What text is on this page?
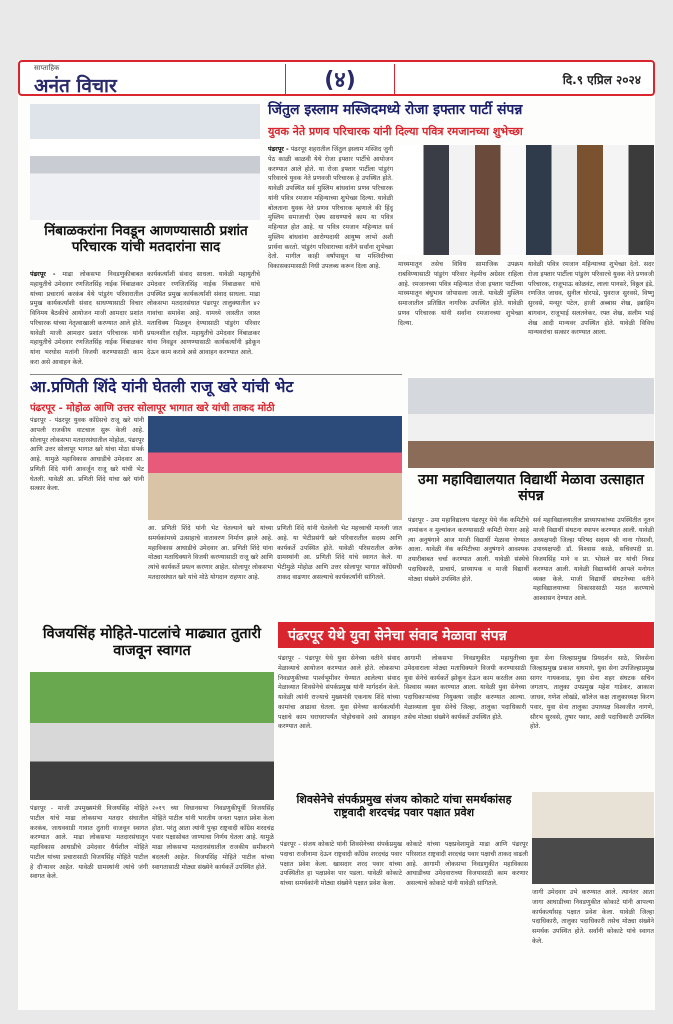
साप्ताहिक
अनंत विचार	(४)	दि.९ एप्रिल २०२४
जिंतुल इस्लाम मस्जिदमध्ये रोजा इफ्तार पार्टी संपन्न
युवक नेते प्रणव परिचारक यांनी दिल्या पवित्र रमजानच्या शुभेच्छा
पंढरपूर - पंढरपूर शहरातील जिंतुल इस्लाम मस्जिद जुनी पेठ काळी काळवी येथे रोजा इफ्तार पार्टीचे आयोजन करण्यात आले होते. या रोजा इफ्तार पार्टीला पांडुरंग परिवारचे युवक नेते प्रणवजी परिचारक हे उपस्थित होते. यावेळी उपस्थित सर्व मुस्लिम बांधवांना प्रणव परिचारक यांनी पवित्र रमजान महिन्याच्या शुभेच्छा दिल्या. यावेळी बोलताना युवक नेते प्रणव परिचारक म्हणाले की हिंदू मुस्लिम समाजाची ऐक्य साधण्याचे काम या पवित्र महिन्यात होत आहे. या पवित्र रमजान महिन्यात सर्व मुस्लिम बांधवांना आरोग्यदायी आयुष्य लाभो अशी प्रार्थना करतो. पांडुरंग परिवाराच्या वतीने सर्वांना शुभेच्छा देतो. मागील काही वर्षांपासून या मस्जिदीच्या विकासकामासाठी निधी उपलब्ध करून दिला आहे.	माध्यमातून तसेच विविध सामाजिक उपक्रम राबविण्यासाठी पांडुरंग परिवार नेहमीच अग्रेसर राहिला आहे. रमजानच्या पवित्र महिन्यात रोजा इफ्तार पार्टीच्या माध्यमातून बंधुभाव जोपासला जातो. यावेळी मुस्लिम समाजातील प्रतिष्ठित नागरिक उपस्थित होते. यावेळी प्रणव परिचारक यांनी सर्वांना रमजानच्या शुभेच्छा दिल्या.
यावेळी पवित्र रमजान महिन्याच्या शुभेच्छा देतो. सदर रोजा इफ्तार पार्टीला पांडुरंग परिवारचे युवक नेते प्रणवजी परिचारक, राजूभाऊ कोळवंट, लाला पानसरे, विठ्ठल इंडे, रणजित जाधव, सुनील घोरपडे, युवराज सुरवसे, विष्णु सुरवसे, मन्सूर पटेल, हाजी अब्बास शेख, इब्राहिम बागवान, राजूभाई सलतनेकर, रफ्त शेख, सलीम भाई शेख आदी मान्यवर उपस्थित होते. यावेळी विविध मान्यवरांचा सत्कार करण्यात आला.
निंबाळकरांना निवडून आणण्यासाठी प्रशांत परिचारक यांची मतदारांना साद
पंढरपूर - माढा लोकसभा निवडणुकीबाबत महायुतीचे उमेदवार रणजितसिंह नाईक निंबाळकर यांच्या प्रचारार्थ करकंब येथे पांडुरंग परिवारातील प्रमुख कार्यकर्त्यांशी संवाद साधण्यासाठी विचार विनिमय बैठकीचे आयोजन माजी आमदार प्रशांत परिचारक यांच्या नेतृत्वाखाली करण्यात आले होते. यावेळी माजी आमदार प्रशांत परिचारक यांनी महायुतीचे उमेदवार रणजितसिंह नाईक निंबाळकर यांना भरघोस मतांनी विजयी करण्यासाठी काम करा असे आवाहन केले.
कार्यकर्त्यांशी संवाद साधला. यावेळी महायुतीचे उमेदवार रणजितसिंह नाईक निंबाळकर यांचे उपस्थित प्रमुख कार्यकर्त्यांशी संवाद साधला. माढा लोकसभा मतदारसंघात पंढरपूर तालुक्यातील ४२ गावांचा समावेश आहे. यामध्ये जास्तीत जास्त मताधिक्य मिळवून देण्यासाठी पांडुरंग परिवार प्रयत्नशील राहील. महायुतीचे उमेदवार निंबाळकर यांना निवडून आणण्यासाठी कार्यकर्त्यांनी झोकून देऊन काम करावे असे आवाहन करण्यात आले.
आ.प्रणिती शिंदे यांनी घेतली राजू खरे यांची भेट
पंढरपूर - मोहोळ आणि उत्तर सोलापूर भागात खरे यांची ताकद मोठी
पंढरपूर - पंढरपूर युवक काँग्रेसचे राजू खरे यांनी आपली राजकीय वाटचाल सुरू केली आहे. सोलापूर लोकसभा मतदारसंघातील मोहोळ, पंढरपूर आणि उत्तर सोलापूर भागात खरे यांचा मोठा संपर्क आहे. यामुळे महाविकास आघाडीचे उमेदवार आ. प्रणिती शिंदे यांनी आवर्जून राजू खरे यांची भेट घेतली. यावेळी आ. प्रणिती शिंदे यांचा खरे यांनी सत्कार केला.
आ. प्रणिती शिंदे यांनी भेट घेतल्याने खरे यांच्या समर्थकांमध्ये उत्साहाचे वातावरण निर्माण झाले आहे. महाविकास आघाडीचे उमेदवार आ. प्रणिती शिंदे यांना मोठ्या मताधिक्याने विजयी करण्यासाठी राजू खरे आणि त्यांचे कार्यकर्ते प्रयत्न करणार आहेत. सोलापूर लोकसभा मतदारसंघात खरे यांचे मोठे योगदान राहणार आहे.
प्रणिती शिंदे यांनी घेतलेली भेट महत्त्वाची मानली जात आहे. या भेटीप्रसंगी खरे परिवारातील सदस्य आणि कार्यकर्ते उपस्थित होते. यावेळी परिसरातील अनेक ग्रामस्थांनी आ. प्रणिती शिंदे यांचे स्वागत केले. या भेटीमुळे मोहोळ आणि उत्तर सोलापूर भागात काँग्रेसची ताकद वाढणार असल्याचे कार्यकर्त्यांनी सांगितले.
उमा महाविद्यालयात विद्यार्थी मेळावा उत्साहात संपन्न
पंढरपूर - उमा महाविद्यालय पंढरपूर येथे नॅक कमिटीचे नामांकन व मुल्यांकन करण्यासाठी कमिटी येणार आहे त्या अनुषंगाने आज माजी विद्यार्थी मेळावा घेण्यात आला. यावेळी नॅक कमिटीच्या अनुषंगाने आवश्यक तयारीबाबत चर्चा करण्यात आली. यावेळी संस्थेचे पदाधिकारी, प्राचार्य, प्राध्यापक व माजी विद्यार्थी मोठ्या संख्येने उपस्थित होते.
सर्व महाविद्यालयातील प्राध्यापकांच्या उपस्थितीत नूतन माजी विद्यार्थी संघटना स्थापन करण्यात आली. यावेळी अध्यक्षपदी जिल्हा परिषद सदस्य श्री नाना गोसावी, उपाध्यक्षपदी डॉ. विश्वास काळे, सचिवपदी प्रा. विजयसिंह माने व प्रा. भोसले सर यांची निवड करण्यात आली. यावेळी विद्यार्थ्यांनी आपले मनोगत व्यक्त केले. माजी विद्यार्थी संघटनेच्या वतीने महाविद्यालयाच्या विकासासाठी मदत करण्याचे आश्वासन देण्यात आले.
पंढरपूर येथे युवा सेनेचा संवाद मेळावा संपन्न
पंढरपूर - पंढरपूर येथे युवा सेनेच्या वतीने संवाद मेळाव्याचे आयोजन करण्यात आले होते. लोकसभा निवडणुकीच्या पार्श्वभूमीवर घेण्यात आलेल्या संवाद मेळाव्यात शिवसेनेचे संपर्कप्रमुख यांनी मार्गदर्शन केले. यावेळी त्यांनी राज्याचे मुख्यमंत्री एकनाथ शिंदे यांच्या कामांचा आढावा घेतला. युवा सेनेच्या कार्यकर्त्यांनी पक्षाचे काम घराघरापर्यंत पोहोचवावे असे आवाहन करण्यात आले.
आगामी लोकसभा निवडणुकीत महायुतीच्या उमेदवाराला मोठ्या मताधिक्याने विजयी करण्यासाठी युवा सेनेचे कार्यकर्ते झोकून देऊन काम करतील असा विश्वास व्यक्त करण्यात आला. यावेळी युवा सेनेच्या पदाधिकाऱ्यांच्या नियुक्त्या जाहीर करण्यात आल्या. मेळाव्याला युवा सेनेचे जिल्हा, तालुका पदाधिकारी तसेच मोठ्या संख्येने कार्यकर्ते उपस्थित होते.
युवा सेना जिल्हाप्रमुख प्रियदर्शन साठे, शिवसेना जिल्हाप्रमुख प्रकाश वाघमारे, युवा सेना उपजिल्हाप्रमुख सागर गायकवाड, युवा सेना शहर संघटक सचिन जगताप, तालुका उपप्रमुख महेश गाडेकर, आकाश जाधव, गणेश लोखंडे, कॉलेज कक्ष तालुकाध्यक्ष किरण पवार, युवा सेना तालुका उपाध्यक्ष विश्वजीत नागणे, सौरभ सुरवसे, तुषार पवार, आदी पदाधिकारी उपस्थित होते.
विजयसिंह मोहिते-पाटलांचे माढ्यात तुतारी वाजवून स्वागत
पंढरपूर - माजी उपमुख्यमंत्री विजयसिंह मोहिते पाटील यांचे माढा लोकसभा मतदार संघातील करकंब, जाधववाडी गावात तुतारी वाजवून स्वागत करण्यात आले. माढा लोकसभा मतदारसंघातून महाविकास आघाडीचे उमेदवार धैर्यशील मोहिते पाटील यांच्या प्रचारासाठी विजयसिंह मोहिते पाटील हे दौऱ्यावर आहेत. यावेळी ग्रामस्थांनी त्यांचे जंगी स्वागत केले.
२०१९ च्या विधानसभा निवडणुकीपूर्वी विजयसिंह मोहिते पाटील यांनी भारतीय जनता पक्षात प्रवेश केला होता. परंतु आता त्यांनी पुन्हा राष्ट्रवादी काँग्रेस शरदचंद्र पवार पक्षासोबत जाण्याचा निर्णय घेतला आहे. यामुळे माढा लोकसभा मतदारसंघातील राजकीय समीकरणे बदलली आहेत. विजयसिंह मोहिते पाटील यांच्या स्वागतासाठी मोठ्या संख्येने कार्यकर्ते उपस्थित होते.
शिवसेनेचे संपर्कप्रमुख संजय कोकाटे यांचा समर्थकांसह राष्ट्रवादी शरदचंद्र पवार पक्षात प्रवेश
पंढरपूर - संजय कोकाटे यांनी शिवसेनेच्या संपर्कप्रमुख पदाचा राजीनामा देऊन राष्ट्रवादी काँग्रेस शरदचंद्र पवार पक्षात प्रवेश केला. खासदार शरद पवार यांच्या उपस्थितीत हा पक्षप्रवेश पार पडला. यावेळी कोकाटे यांच्या समर्थकांनी मोठ्या संख्येने पक्षात प्रवेश केला.
कोकाटे यांच्या पक्षप्रवेशामुळे माढा आणि पंढरपूर परिसरात राष्ट्रवादी शरदचंद्र पवार पक्षाची ताकद वाढली आहे. आगामी लोकसभा निवडणुकीत महाविकास आघाडीच्या उमेदवाराच्या विजयासाठी काम करणार असल्याचे कोकाटे यांनी यावेळी सांगितले.
जागी उमेदवार उभे करण्यात आले. त्यानंतर आता जागा आघाडीच्या निवडणुकीत कोकाटे यांनी आपल्या कार्यकर्त्यांसह पक्षात प्रवेश केला. यावेळी जिल्हा पदाधिकारी, तालुका पदाधिकारी तसेच मोठ्या संख्येने समर्थक उपस्थित होते. सर्वांनी कोकाटे यांचे स्वागत केले.
